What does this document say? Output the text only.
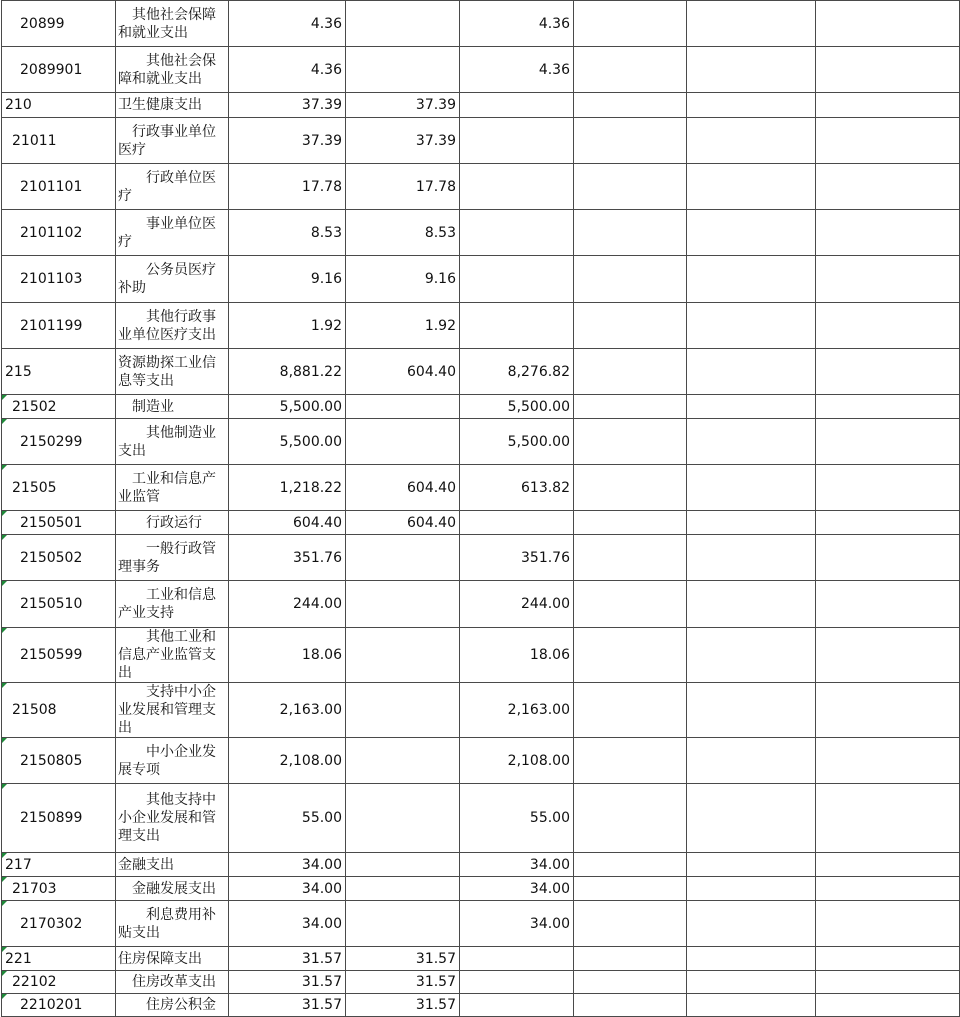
20899	其他社会保障和就业支出	4.36		4.36			
2089901	其他社会保障和就业支出	4.36		4.36			
210	卫生健康支出	37.39	37.39				
21011	行政事业单位医疗	37.39	37.39				
2101101	行政单位医疗	17.78	17.78				
2101102	事业单位医疗	8.53	8.53				
2101103	公务员医疗补助	9.16	9.16				
2101199	其他行政事业单位医疗支出	1.92	1.92				
215	资源勘探工业信息等支出	8,881.22	604.40	8,276.82			
21502	制造业	5,500.00		5,500.00			
2150299	其他制造业支出	5,500.00		5,500.00			
21505	工业和信息产业监管	1,218.22	604.40	613.82			
2150501	行政运行	604.40	604.40				
2150502	一般行政管理事务	351.76		351.76			
2150510	工业和信息产业支持	244.00		244.00			
2150599	其他工业和信息产业监管支出	18.06		18.06			
21508	支持中小企业发展和管理支出	2,163.00		2,163.00			
2150805	中小企业发展专项	2,108.00		2,108.00			
2150899	其他支持中小企业发展和管理支出	55.00		55.00			
217	金融支出	34.00		34.00			
21703	金融发展支出	34.00		34.00			
2170302	利息费用补贴支出	34.00		34.00			
221	住房保障支出	31.57	31.57				
22102	住房改革支出	31.57	31.57				
2210201	住房公积金	31.57	31.57				
